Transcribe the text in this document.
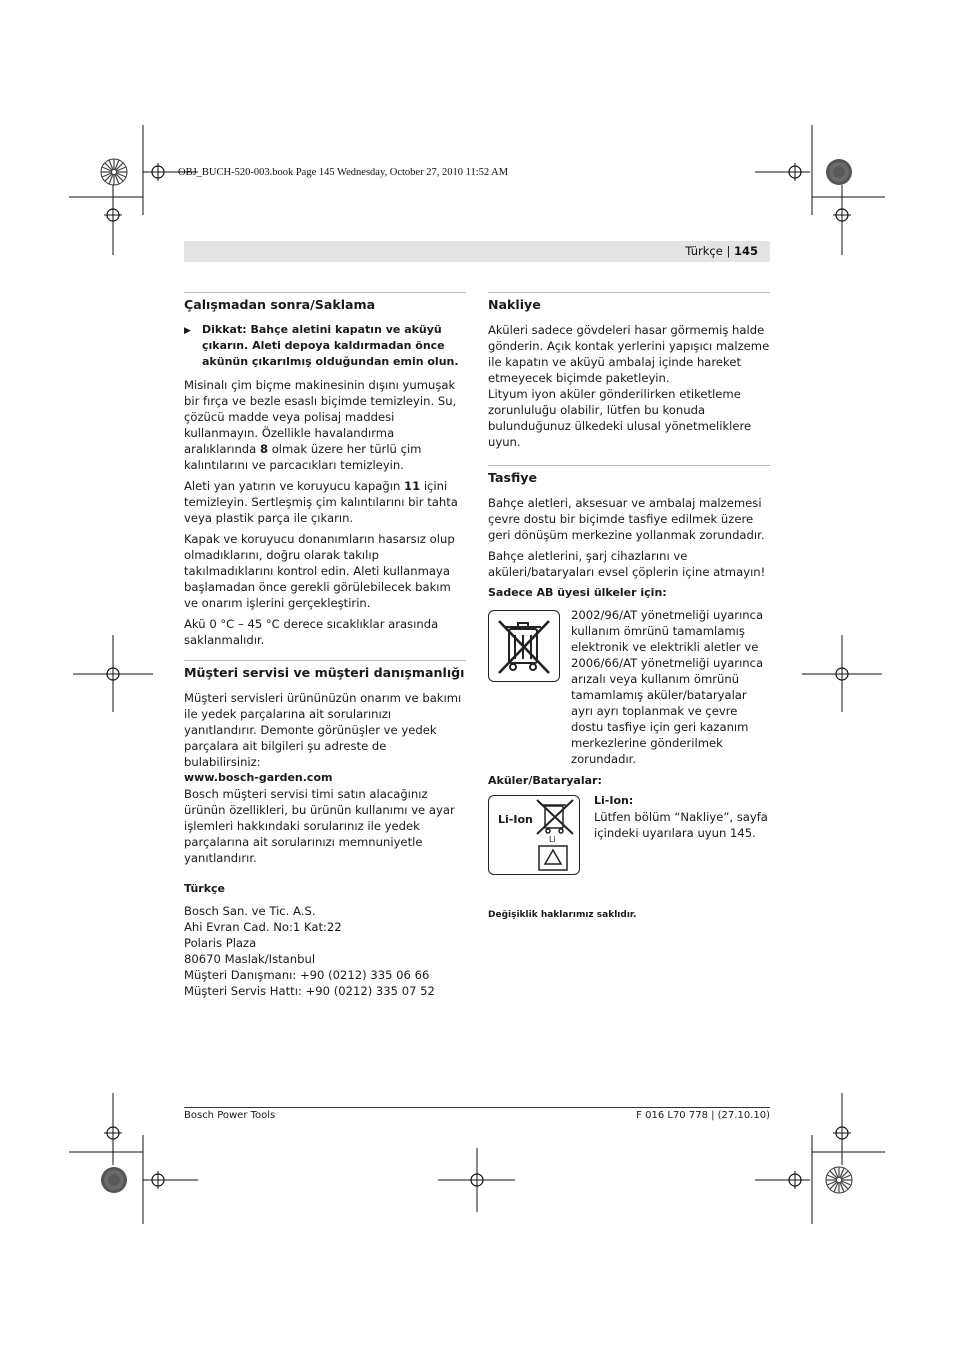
OBJ_BUCH-520-003.book Page 145 Wednesday, October 27, 2010 11:52 AM
Türkçe | 145
Çalışmadan sonra/Saklama
▶	Dikkat: Bahçe aletini kapatın ve aküyü çıkarın. Aleti depoya kaldırmadan önce akünün çıkarılmış olduğundan emin olun.

Misinalı çim biçme makinesinin dışını yumuşak bir fırça ve bezle esaslı biçimde temizleyin. Su, çözücü madde veya polisaj maddesi kullanmayın. Özellikle havalandırma aralıklarında 8 olmak üzere her türlü çim kalıntılarını ve parcacıkları temizleyin.

Aleti yan yatırın ve koruyucu kapağın 11 içini temizleyin. Sertleşmiş çim kalıntılarını bir tahta veya plastik parça ile çıkarın.

Kapak ve koruyucu donanımların hasarsız olup olmadıklarını, doğru olarak takılıp takılmadıklarını kontrol edin. Aleti kullanmaya başlamadan önce gerekli görülebilecek bakım ve onarım işlerini gerçekleştirin.

Akü 0 °C – 45 °C derece sıcaklıklar arasında saklanmalıdır.

Müşteri servisi ve müşteri danışmanlığı

Müşteri servisleri ürününüzün onarım ve bakımı ile yedek parçalarına ait sorularınızı yanıtlandırır. Demonte görünüşler ve yedek parçalara ait bilgileri şu adreste de bulabilirsiniz:

www.bosch-garden.com

Bosch müşteri servisi timi satın alacağınız ürünün özellikleri, bu ürünün kullanımı ve ayar işlemleri hakkındaki sorularınız ile yedek parçalarına ait sorularınızı memnuniyetle yanıtlandırır.

Türkçe

Bosch San. ve Tic. A.S.

Ahi Evran Cad. No:1 Kat:22

Polaris Plaza

80670 Maslak/Istanbul

Müşteri Danışmanı: +90 (0212) 335 06 66

Müşteri Servis Hattı: +90 (0212) 335 07 52

Nakliye

Aküleri sadece gövdeleri hasar görmemiş halde gönderin. Açık kontak yerlerini yapışıcı malzeme ile kapatın ve aküyü ambalaj içinde hareket etmeyecek biçimde paketleyin.

Lityum iyon aküler gönderilirken etiketleme zorunluluğu olabilir, lütfen bu konuda bulunduğunuz ülkedeki ulusal yönetmeliklere uyun.

Tasfiye

Bahçe aletleri, aksesuar ve ambalaj malzemesi çevre dostu bir biçimde tasfiye edilmek üzere geri dönüşüm merkezine yollanmak zorundadır.

Bahçe aletlerini, şarj cihazlarını ve aküleri/bataryaları evsel çöplerin içine atmayın!

Sadece AB üyesi ülkeler için:
2002/96/AT yönetmeliği uyarınca kullanım ömrünü tamamlamış elektronik ve elektrikli aletler ve 2006/66/AT yönetmeliği uyarınca arızalı veya kullanım ömrünü tamamlamış aküler/bataryalar ayrı ayrı toplanmak ve çevre dostu tasfiye için geri kazanım merkezlerine gönderilmek zorundadır.
Aküler/Bataryalar:
Li-Ion
Li
Li-Ion:
Lütfen bölüm “Nakliye”, sayfa içindeki uyarılara uyun 145.
Değişiklik haklarımız saklıdır.
Bosch Power Tools	F 016 L70 778 | (27.10.10)
